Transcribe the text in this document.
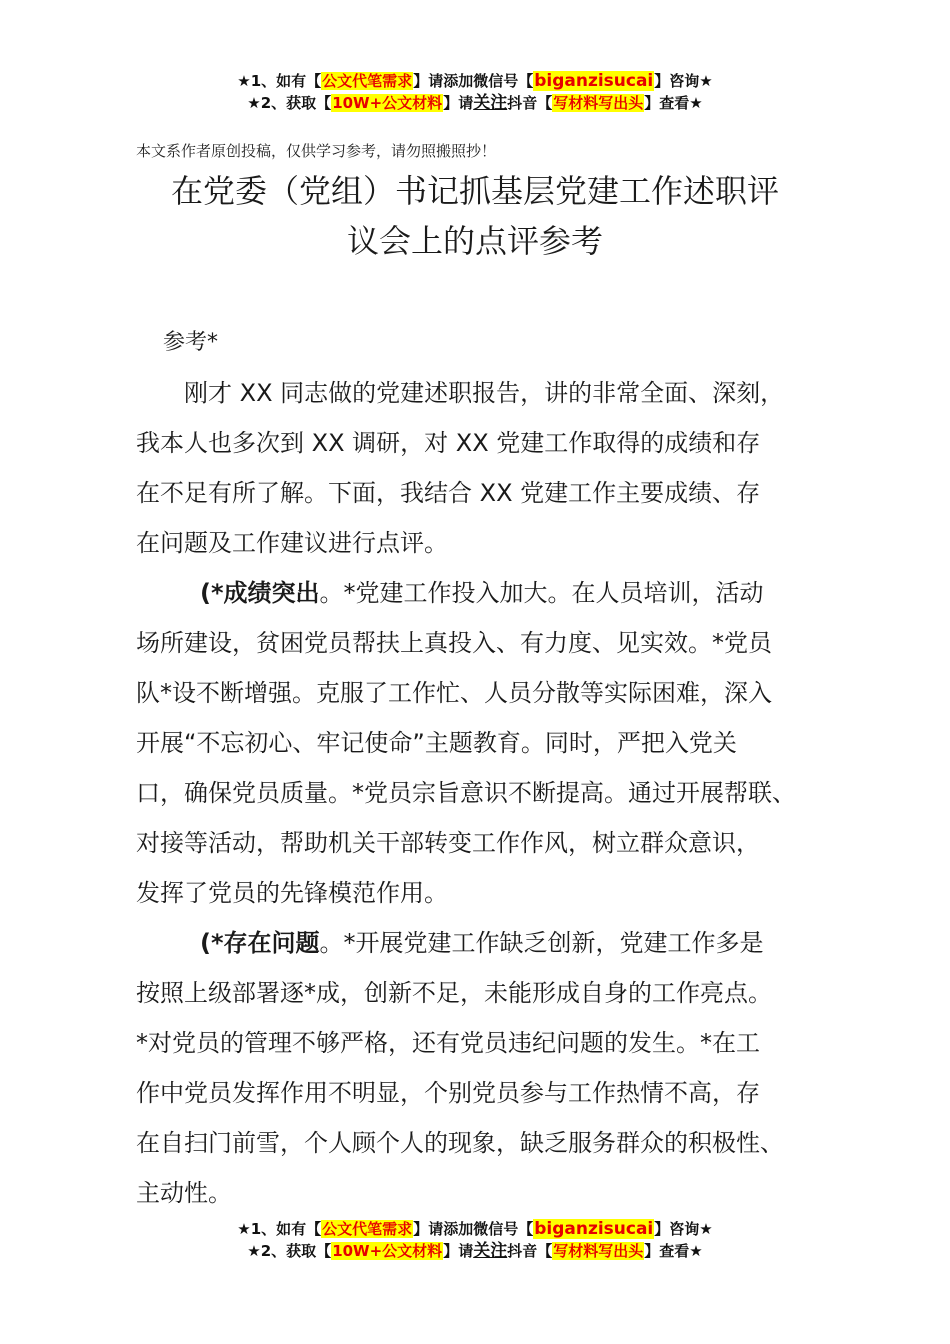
★1、如有【公文代笔需求】请添加微信号【biganzisucai】咨询★
★2、获取【10W+公文材料】请关注抖音【写材料写出头】查看★
本文系作者原创投稿，仅供学习参考，请勿照搬照抄！
在党委（党组）书记抓基层党建工作述职评
议会上的点评参考

参考*

刚才 XX 同志做的党建述职报告，讲的非常全面、深刻，
我本人也多次到 XX 调研，对 XX 党建工作取得的成绩和存
在不足有所了解。下面，我结合 XX 党建工作主要成绩、存
在问题及工作建议进行点评。

(*成绩突出。*党建工作投入加大。在人员培训，活动
场所建设，贫困党员帮扶上真投入、有力度、见实效。*党员
队*设不断增强。克服了工作忙、人员分散等实际困难，深入
开展“不忘初心、牢记使命”主题教育。同时，严把入党关
口，确保党员质量。*党员宗旨意识不断提高。通过开展帮联、
对接等活动，帮助机关干部转变工作作风，树立群众意识，
发挥了党员的先锋模范作用。

(*存在问题。*开展党建工作缺乏创新，党建工作多是
按照上级部署逐*成，创新不足，未能形成自身的工作亮点。
*对党员的管理不够严格，还有党员违纪问题的发生。*在工
作中党员发挥作用不明显，个别党员参与工作热情不高，存
在自扫门前雪，个人顾个人的现象，缺乏服务群众的积极性、
主动性。

★1、如有【公文代笔需求】请添加微信号【biganzisucai】咨询★
★2、获取【10W+公文材料】请关注抖音【写材料写出头】查看★
